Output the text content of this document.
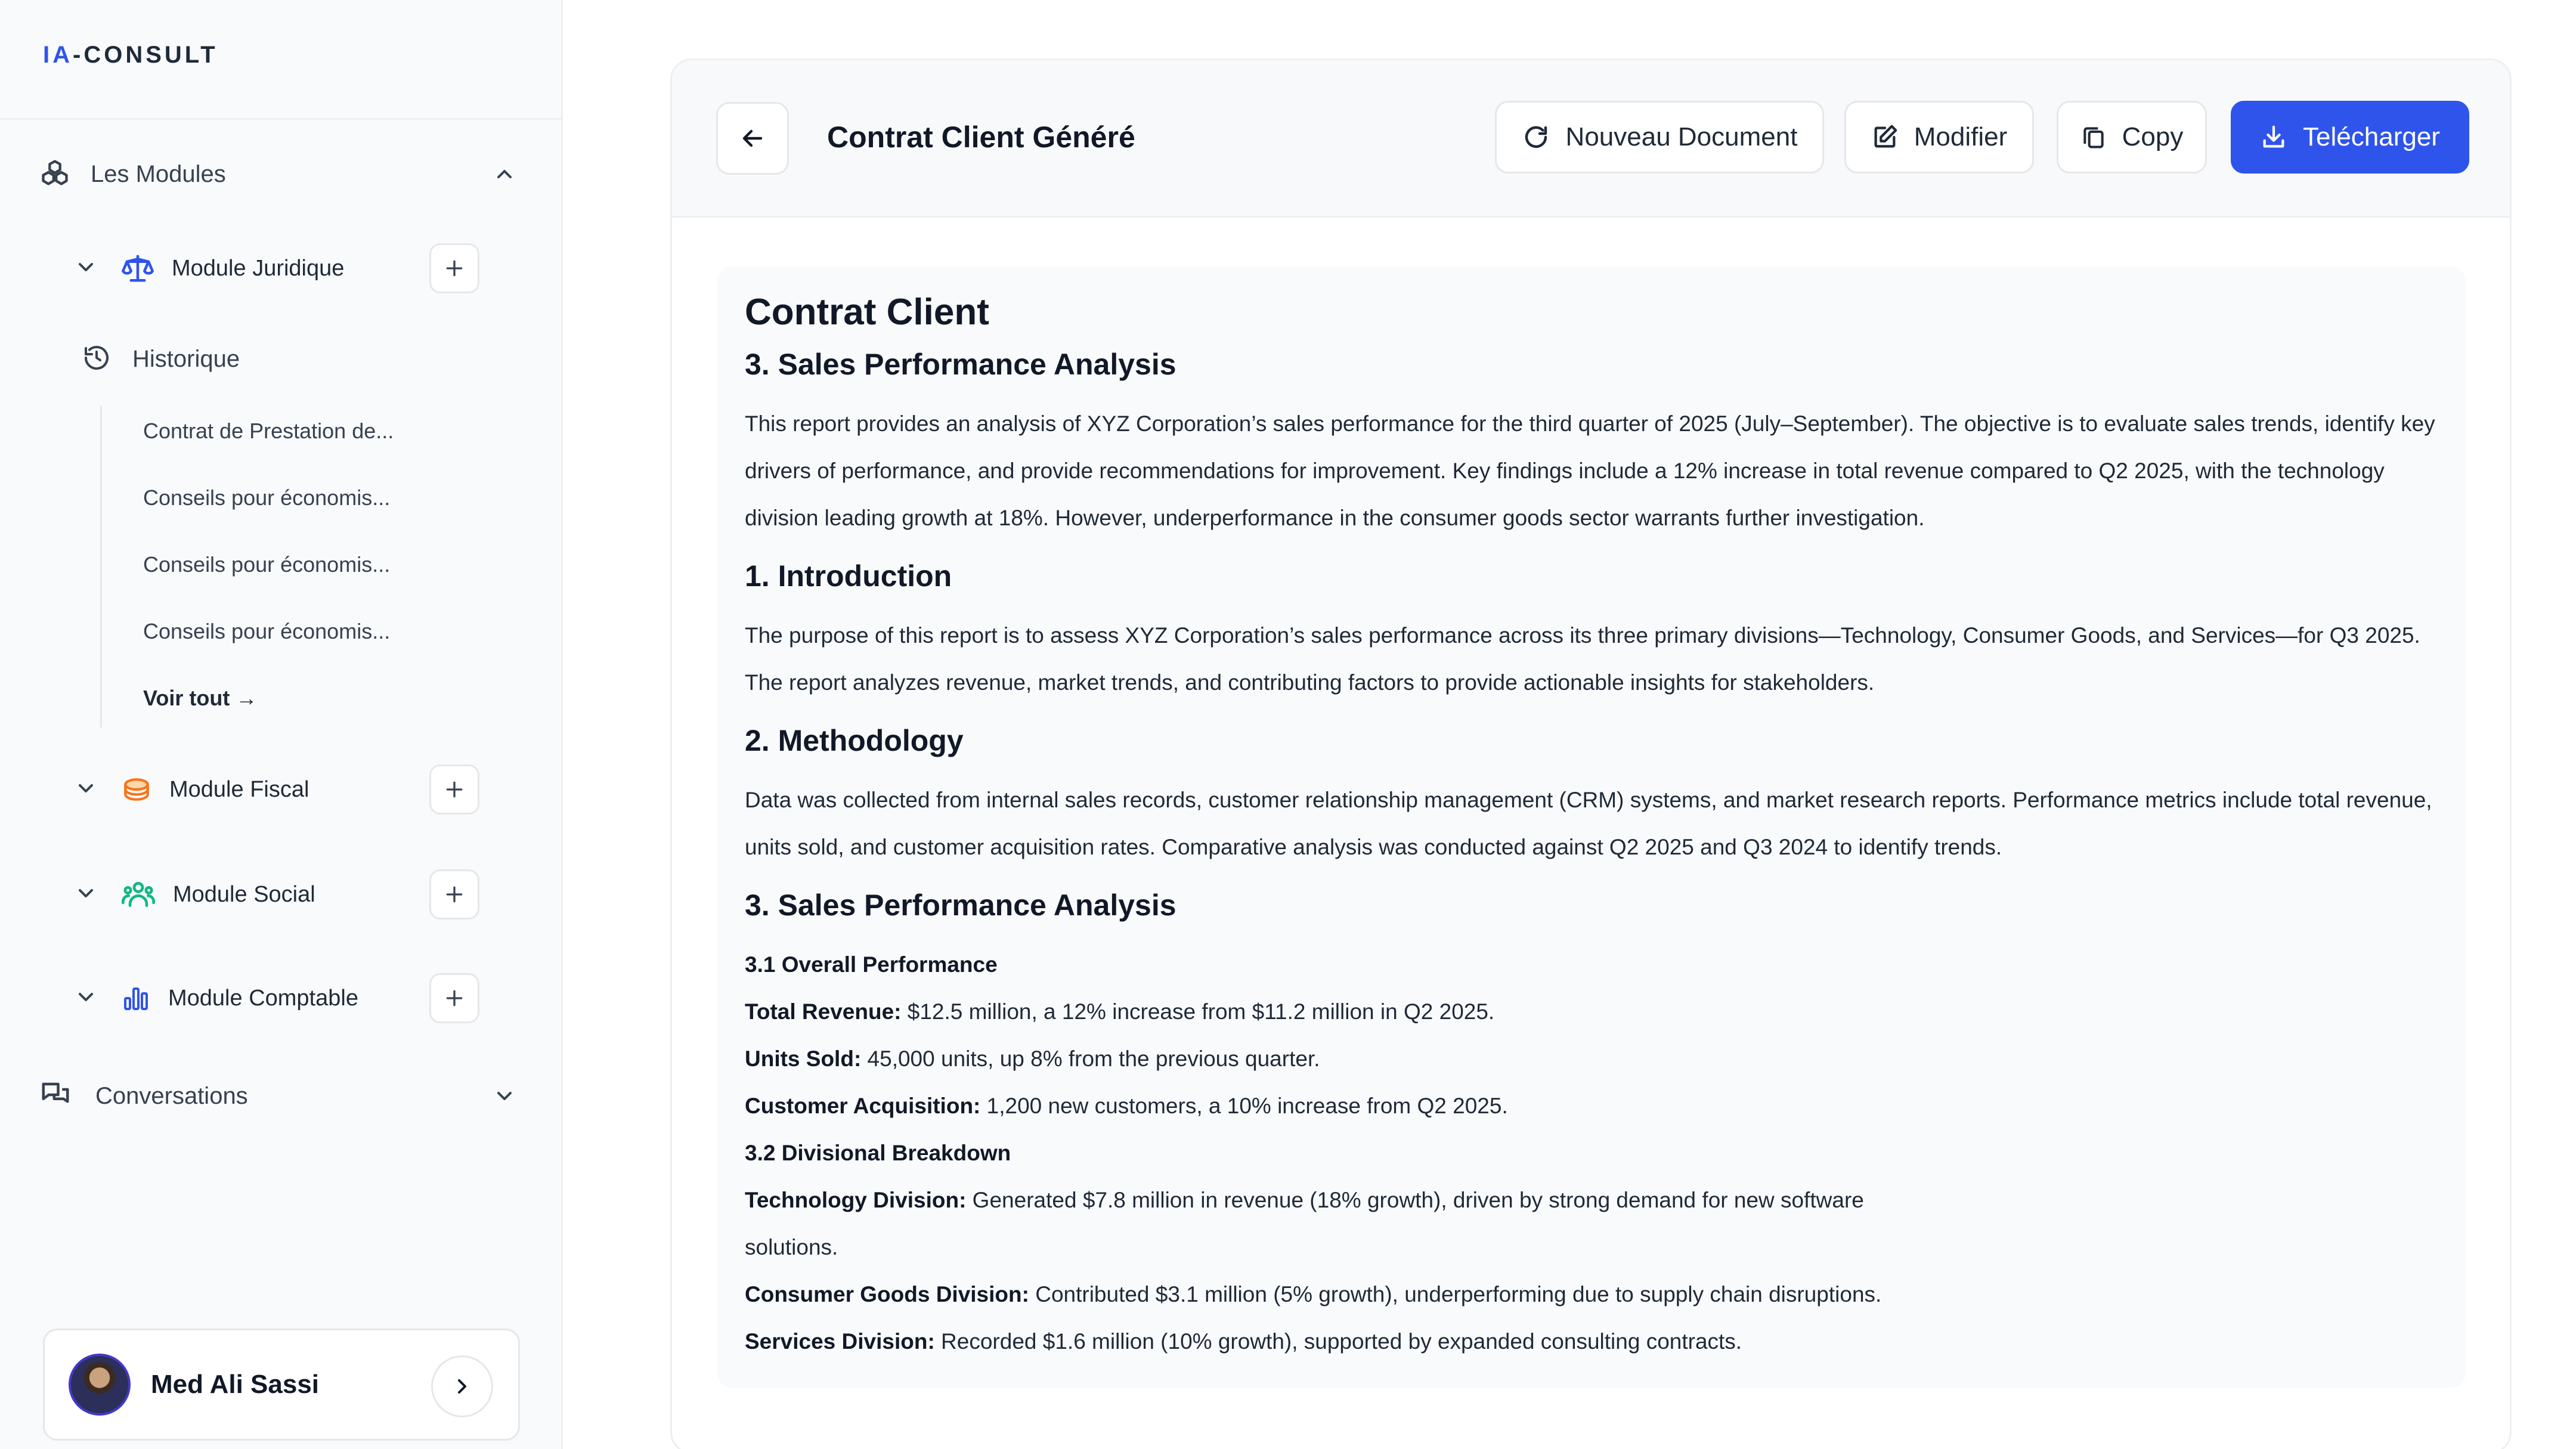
IA-CONSULT
Les Modules
Module Juridique
Historique
Contrat de Prestation de...
Conseils pour économis...
Conseils pour économis...
Conseils pour économis...
Voir tout →
Module Fiscal
Module Social
Module Comptable
Conversations
Med Ali Sassi
Contrat Client Généré	Nouveau Document	Modifier	Copy	Telécharger
Contrat Client
3. Sales Performance Analysis

This report provides an analysis of XYZ Corporation’s sales performance for the third quarter of 2025 (July–September). The objective is to evaluate sales trends, identify key drivers of performance, and provide recommendations for improvement. Key findings include a 12% increase in total revenue compared to Q2 2025, with the technology division leading growth at 18%. However, underperformance in the consumer goods sector warrants further investigation.

1. Introduction

The purpose of this report is to assess XYZ Corporation’s sales performance across its three primary divisions—Technology, Consumer Goods, and Services—for Q3 2025. The report analyzes revenue, market trends, and contributing factors to provide actionable insights for stakeholders.

2. Methodology

Data was collected from internal sales records, customer relationship management (CRM) systems, and market research reports. Performance metrics include total revenue, units sold, and customer acquisition rates. Comparative analysis was conducted against Q2 2025 and Q3 2024 to identify trends.

3. Sales Performance Analysis
3.1 Overall Performance
Total Revenue: $12.5 million, a 12% increase from $11.2 million in Q2 2025.
Units Sold: 45,000 units, up 8% from the previous quarter.
Customer Acquisition: 1,200 new customers, a 10% increase from Q2 2025.
3.2 Divisional Breakdown
Technology Division: Generated $7.8 million in revenue (18% growth), driven by strong demand for new software
solutions.
Consumer Goods Division: Contributed $3.1 million (5% growth), underperforming due to supply chain disruptions.
Services Division: Recorded $1.6 million (10% growth), supported by expanded consulting contracts.
